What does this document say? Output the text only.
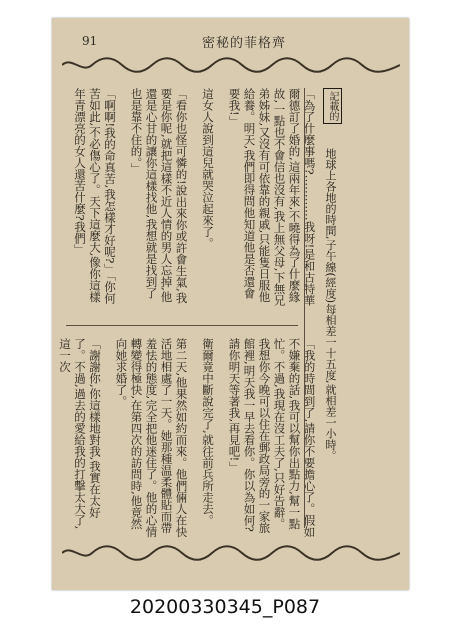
91	密秘的菲格齊

「為了什麼事嗎?…………我呀!是和古特華爾德訂了婚的,這兩年來,不曉得為了什麼緣故,一點也不會信也沒有,我上無父母,下無兄弟姊妹,又沒有可依靠的親戚,只能隻日服他給養。明天,我們即得問他知道他是否還會要我!」

這女人說到這兒就哭泣起來了。

「看你也怪可憐的!說出來你或許會生氣,我要是你呢,就把這樣不近人情的男人忘掉,他還是心甘的讓你這樣找他,我想就是找到了也是靠不住的。」

「啊啊!我的命真苦,我怎樣才好呢?」「你何苦如此,不必傷心了。天下這麼大,像你這樣年青漂亮的女人還苦什麼?我們」

「我的時間到了,請你不要擔心了。假如不嫌棄的話,我可以幫你出點力,幫一點忙。不過,我現在沒工夫了,只好告辭。我想你今晚可以住在郵政局旁的一家旅館裡,明天我一早去看你。你以為如何?請你明天等著我,再見吧!」

衛爾竟中斷說完了,就往前兵所走去。

第二天,他果然如約而來。他們倆人在快活地相處了一天。她那種温柔體貼而帶羞怯的態度,完全把他迷住了。他的心情轉變得極快,在第四次的訪問時,他竟然向她求婚了。

「謝謝你,你這樣地對我,我實在太好了。不過,過去的愛給我的打擊太大了,這一次

記載的
地球上各地的時間,子午線(經度)每相差一十五度,就相差一小時。
20200330345_P087
